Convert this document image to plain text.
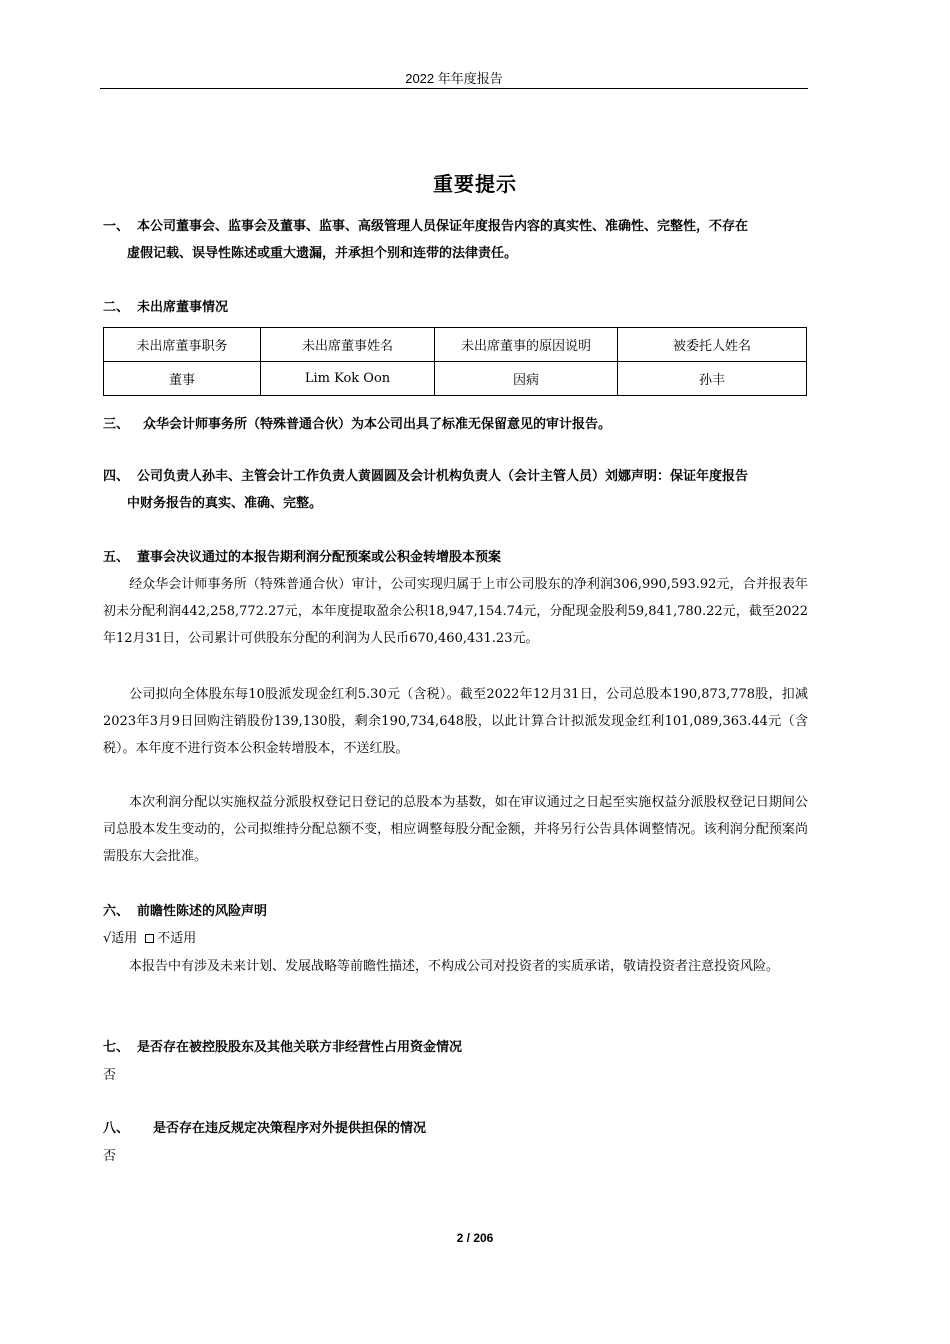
2022 年年度报告
重要提示
一、 本公司董事会、监事会及董事、监事、高级管理人员保证年度报告内容的真实性、准确性、完整性，不存在
虚假记载、误导性陈述或重大遗漏，并承担个别和连带的法律责任。
二、 未出席董事情况
未出席董事职务	未出席董事姓名	未出席董事的原因说明	被委托人姓名
董事	Lim Kok Oon	因病	孙丰
三、 众华会计师事务所（特殊普通合伙）为本公司出具了标准无保留意见的审计报告。
四、 公司负责人孙丰、主管会计工作负责人黄圆圆及会计机构负责人（会计主管人员）刘娜声明：保证年度报告
中财务报告的真实、准确、完整。
五、 董事会决议通过的本报告期利润分配预案或公积金转增股本预案
经众华会计师事务所（特殊普通合伙）审计，公司实现归属于上市公司股东的净利润306,990,593.92元，合并报表年初未分配利润442,258,772.27元，本年度提取盈余公积18,947,154.74元，分配现金股利59,841,780.22元，截至2022年12月31日，公司累计可供股东分配的利润为人民币670,460,431.23元。
公司拟向全体股东每10股派发现金红利5.30元（含税）。截至2022年12月31日，公司总股本190,873,778股，扣减2023年3月9日回购注销股份139,130股，剩余190,734,648股，以此计算合计拟派发现金红利101,089,363.44元（含税）。本年度不进行资本公积金转增股本，不送红股。
本次利润分配以实施权益分派股权登记日登记的总股本为基数，如在审议通过之日起至实施权益分派股权登记日期间公司总股本发生变动的，公司拟维持分配总额不变，相应调整每股分配金额，并将另行公告具体调整情况。该利润分配预案尚需股东大会批准。
六、 前瞻性陈述的风险声明
√适用 不适用
本报告中有涉及未来计划、发展战略等前瞻性描述，不构成公司对投资者的实质承诺，敬请投资者注意投资风险。
七、 是否存在被控股股东及其他关联方非经营性占用资金情况
否
八、 是否存在违反规定决策程序对外提供担保的情况
否
2 / 206
